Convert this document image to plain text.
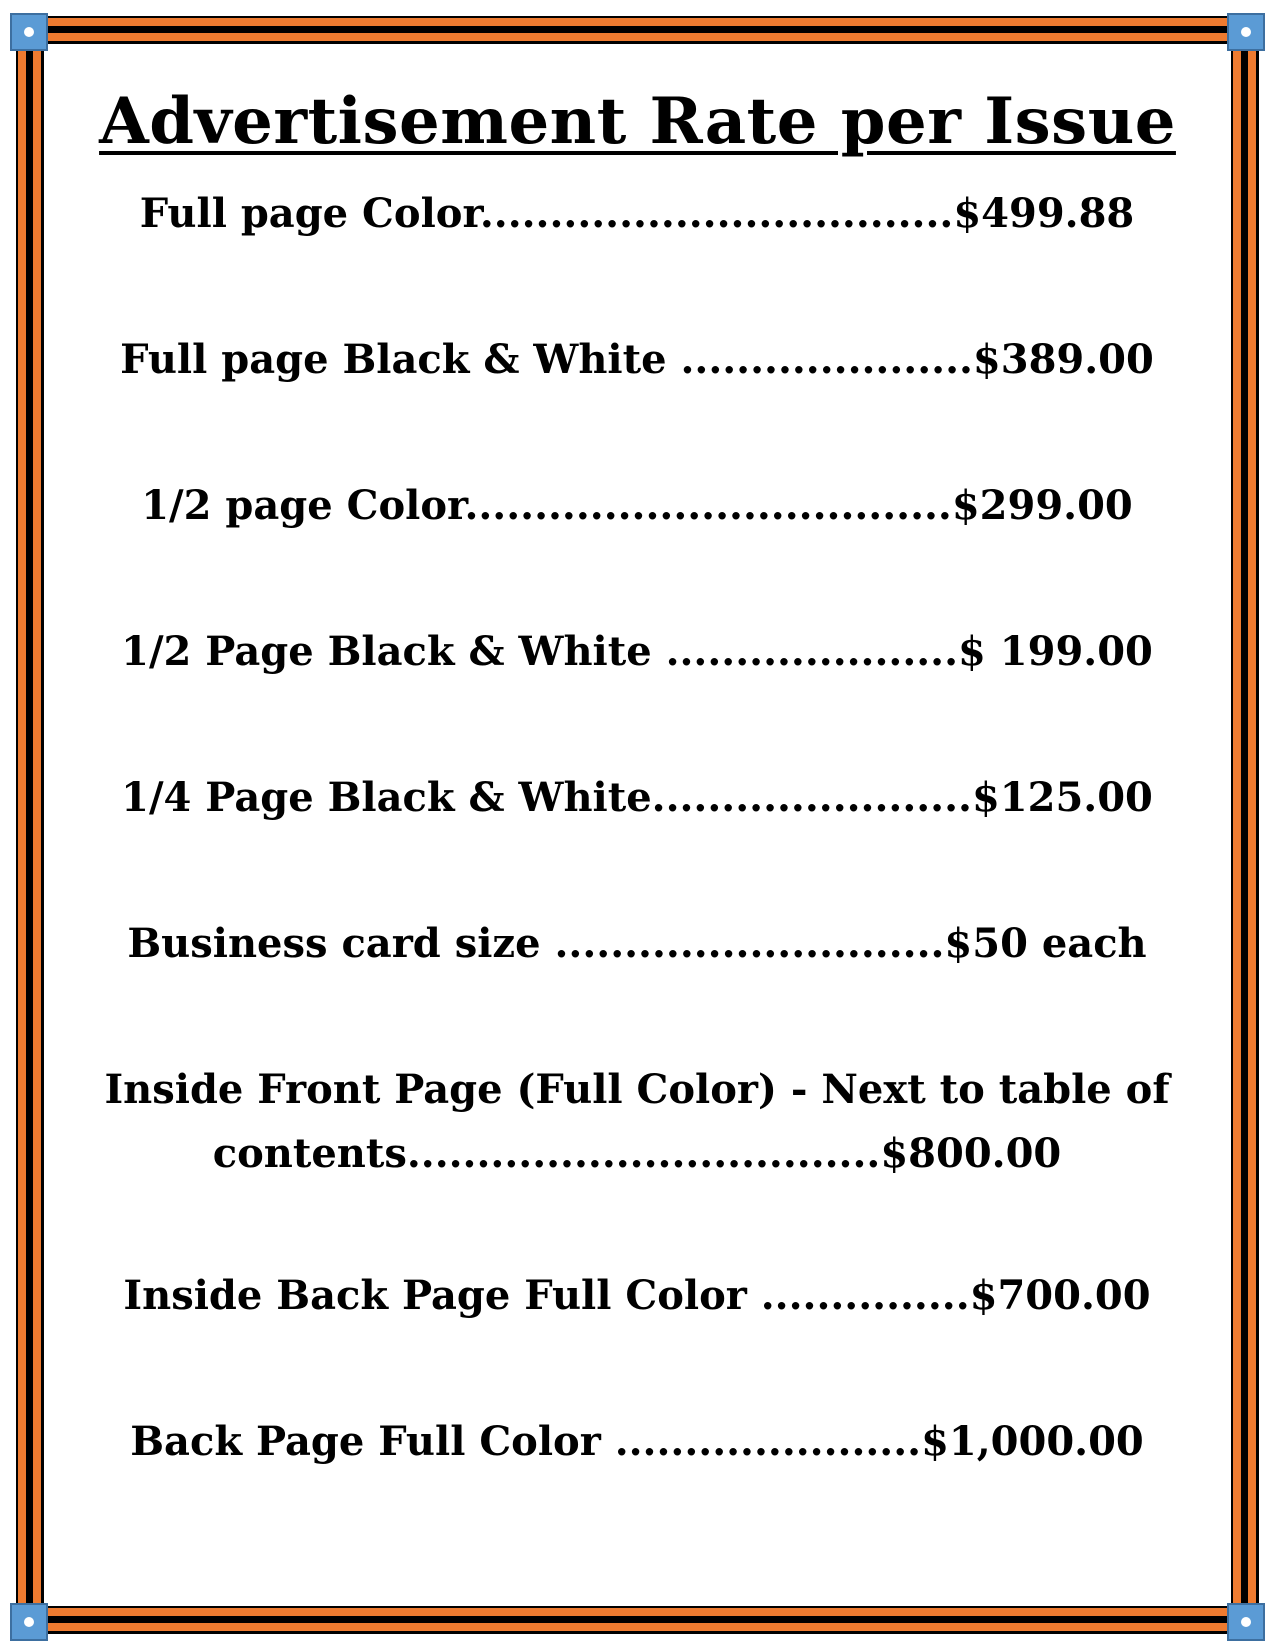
Advertisement Rate per Issue
Full page Color..................................$499.88
Full page Black & White .....................$389.00
1/2 page Color...................................$299.00
1/2 Page Black & White .....................$ 199.00
1/4 Page Black & White.......................$125.00
Business card size ............................$50 each
Inside Front Page (Full Color) - Next to table of
contents..................................$800.00
Inside Back Page Full Color ...............$700.00
Back Page Full Color ......................$1,000.00
